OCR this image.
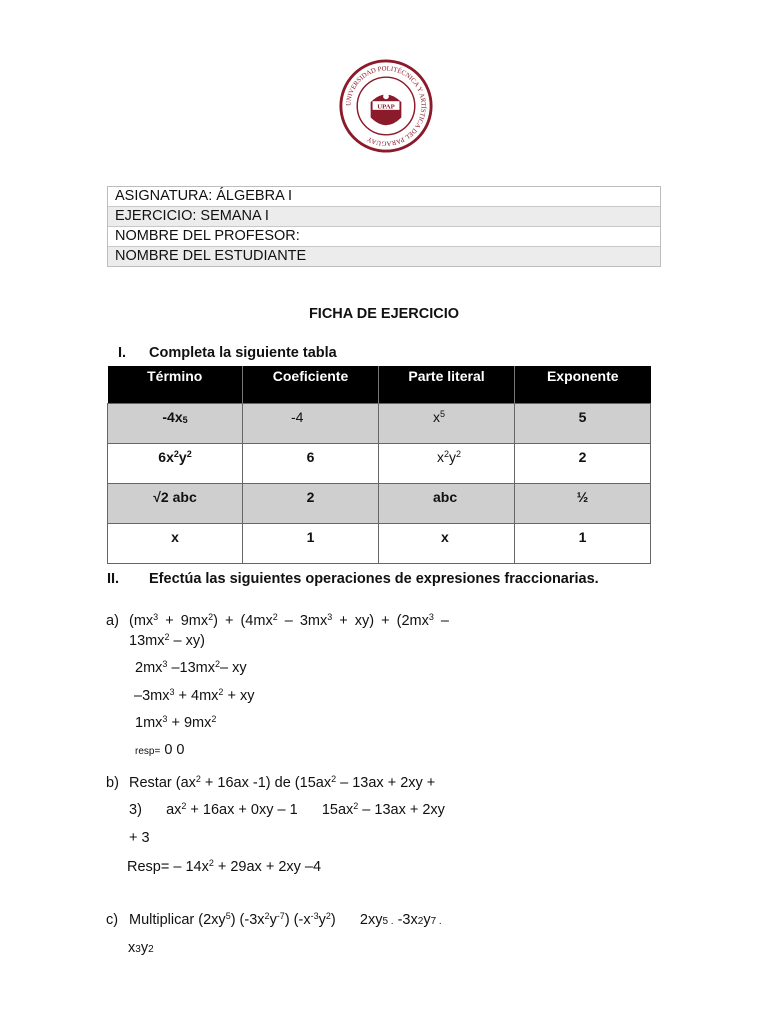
UNIVERSIDAD POLITÉCNICA Y ARTÍSTICA DEL PARAGUAY
UPAP
ASIGNATURA: ÁLGEBRA I
EJERCICIO: SEMANA I
NOMBRE DEL PROFESOR:
NOMBRE DEL ESTUDIANTE
FICHA DE EJERCICIO
I. Completa la siguiente tabla
Término	Coeficiente	Parte literal	Exponente
$-4x_5$	-4	$x^5$	5
$6x^2y^2$	6	$x^2y^2$	2
√2 abc	2	abc	½
x	1	x	1
II. Efectúa las siguientes operaciones de expresiones fraccionarias.
a) $(mx^3 + 9mx^2) + (4mx^2 - 3mx^3 + xy) + (2mx^3$ –
$13mx^2 - xy$)
$2mx^3$ $-13mx^2-$ xy
$-3mx^3 + 4mx^2$ + xy
$1mx^3 + 9mx^2$
resp= 0 0
b) Restar ($ax^2 + 16ax$ -1) de ($15ax^2 - 13ax + 2xy$ +
3)      $ax^2 + 16ax + 0xy - 1$      $15ax^2 - 13ax + 2xy$
+ 3
Resp= – $14x^2 + 29ax + 2xy$ –4
c) Multiplicar $(2xy^5)$ $(-3x^2y^{-7})$ $(-x^{-3}y^2)$      2xy5 . -3x2y7 .
x3y2
